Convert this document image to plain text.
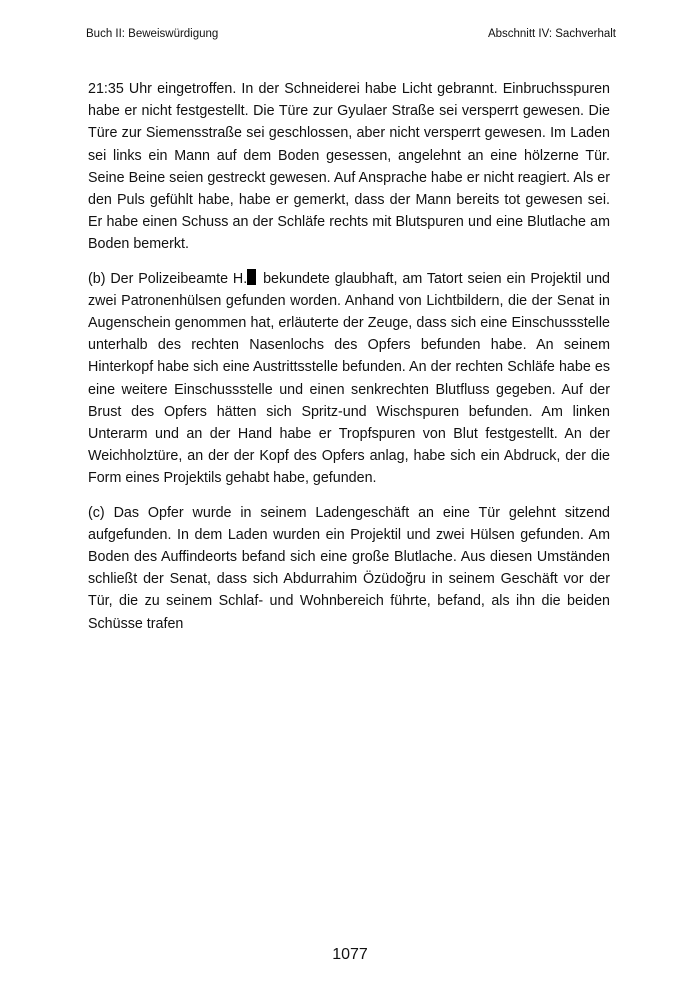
Buch II: Beweiswürdigung	Abschnitt IV: Sachverhalt

21:35 Uhr eingetroffen. In der Schneiderei habe Licht gebrannt. Einbruchsspuren habe er nicht festgestellt. Die Türe zur Gyulaer Straße sei versperrt gewesen. Die Türe zur Siemensstraße sei geschlossen, aber nicht versperrt gewesen. Im Laden sei links ein Mann auf dem Boden gesessen, angelehnt an eine hölzerne Tür. Seine Beine seien gestreckt gewesen. Auf Ansprache habe er nicht reagiert. Als er den Puls gefühlt habe, habe er gemerkt, dass der Mann bereits tot gewesen sei. Er habe einen Schuss an der Schläfe rechts mit Blutspuren und eine Blutlache am Boden bemerkt.

(b) Der Polizeibeamte H. bekundete glaubhaft, am Tatort seien ein Projektil und zwei Patronenhülsen gefunden worden. Anhand von Lichtbildern, die der Senat in Augenschein genommen hat, erläuterte der Zeuge, dass sich eine Einschussstelle unterhalb des rechten Nasenlochs des Opfers befunden habe. An seinem Hinterkopf habe sich eine Austrittsstelle befunden. An der rechten Schläfe habe es eine weitere Einschussstelle und einen senkrechten Blutfluss gegeben. Auf der Brust des Opfers hätten sich Spritz-und Wischspuren befunden. Am linken Unterarm und an der Hand habe er Tropfspuren von Blut festgestellt. An der Weichholztüre, an der der Kopf des Opfers anlag, habe sich ein Abdruck, der die Form eines Projektils gehabt habe, gefunden.

(c) Das Opfer wurde in seinem Ladengeschäft an eine Tür gelehnt sitzend aufgefunden. In dem Laden wurden ein Projektil und zwei Hülsen gefunden. Am Boden des Auffindeorts befand sich eine große Blutlache. Aus diesen Umständen schließt der Senat, dass sich Abdurrahim Özüdoğru in seinem Geschäft vor der Tür, die zu seinem Schlaf- und Wohnbereich führte, befand, als ihn die beiden Schüsse trafen

1077
